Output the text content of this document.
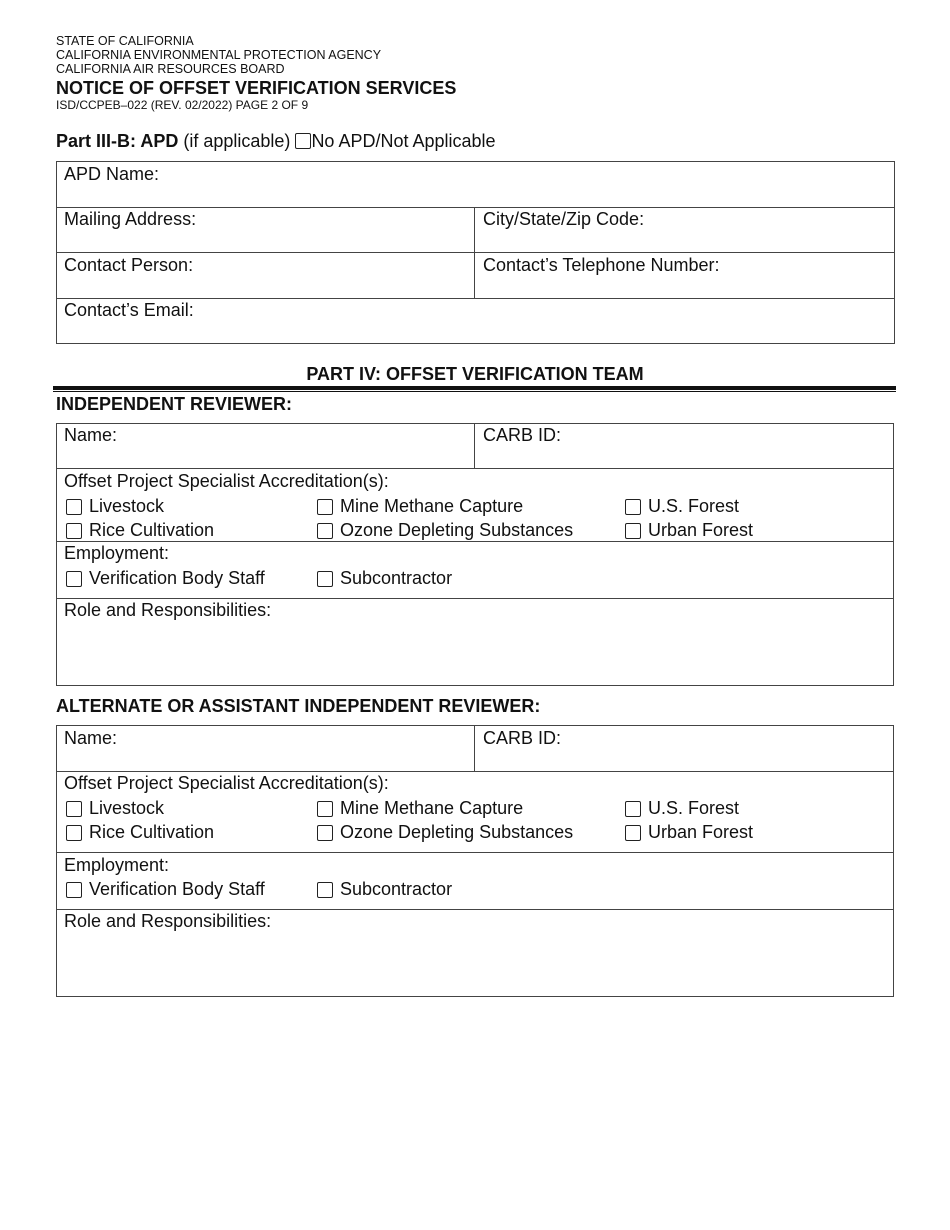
STATE OF CALIFORNIA
CALIFORNIA ENVIRONMENTAL PROTECTION AGENCY
CALIFORNIA AIR RESOURCES BOARD
NOTICE OF OFFSET VERIFICATION SERVICES
ISD/CCPEB–022 (REV. 02/2022) PAGE 2 OF 9
Part III-B: APD (if applicable) No APD/Not Applicable
APD Name:
Mailing Address:	City/State/Zip Code:
Contact Person:	Contact’s Telephone Number:
Contact’s Email:
PART IV: OFFSET VERIFICATION TEAM
INDEPENDENT REVIEWER:
Name:	CARB ID:
Offset Project Specialist Accreditation(s):
Livestock	Mine Methane Capture	U.S. Forest
Rice Cultivation	Ozone Depleting Substances	Urban Forest
Employment:
Verification Body Staff	Subcontractor
Role and Responsibilities:
ALTERNATE OR ASSISTANT INDEPENDENT REVIEWER:
Name:	CARB ID:
Offset Project Specialist Accreditation(s):
Livestock	Mine Methane Capture	U.S. Forest
Rice Cultivation	Ozone Depleting Substances	Urban Forest
Employment:
Verification Body Staff	Subcontractor
Role and Responsibilities:
